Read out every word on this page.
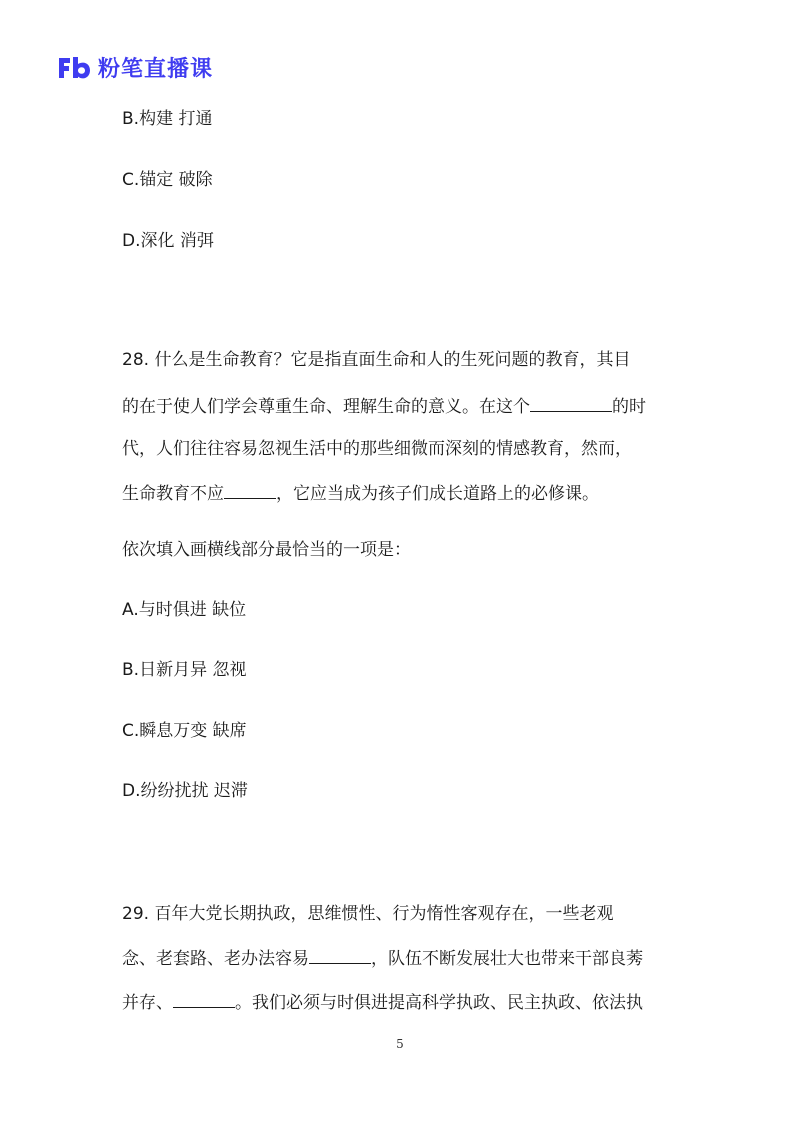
粉笔直播课
B.构建 打通
C.锚定 破除
D.深化 消弭
28. 什么是生命教育？它是指直面生命和人的生死问题的教育，其目
的在于使人们学会尊重生命、理解生命的意义。在这个	的时
代，人们往往容易忽视生活中的那些细微而深刻的情感教育，然而，
生命教育不应	，它应当成为孩子们成长道路上的必修课。
依次填入画横线部分最恰当的一项是：
A.与时俱进 缺位
B.日新月异 忽视
C.瞬息万变 缺席
D.纷纷扰扰 迟滞
29. 百年大党长期执政，思维惯性、行为惰性客观存在，一些老观
念、老套路、老办法容易	，队伍不断发展壮大也带来干部良莠
并存、	。我们必须与时俱进提高科学执政、民主执政、依法执
5
